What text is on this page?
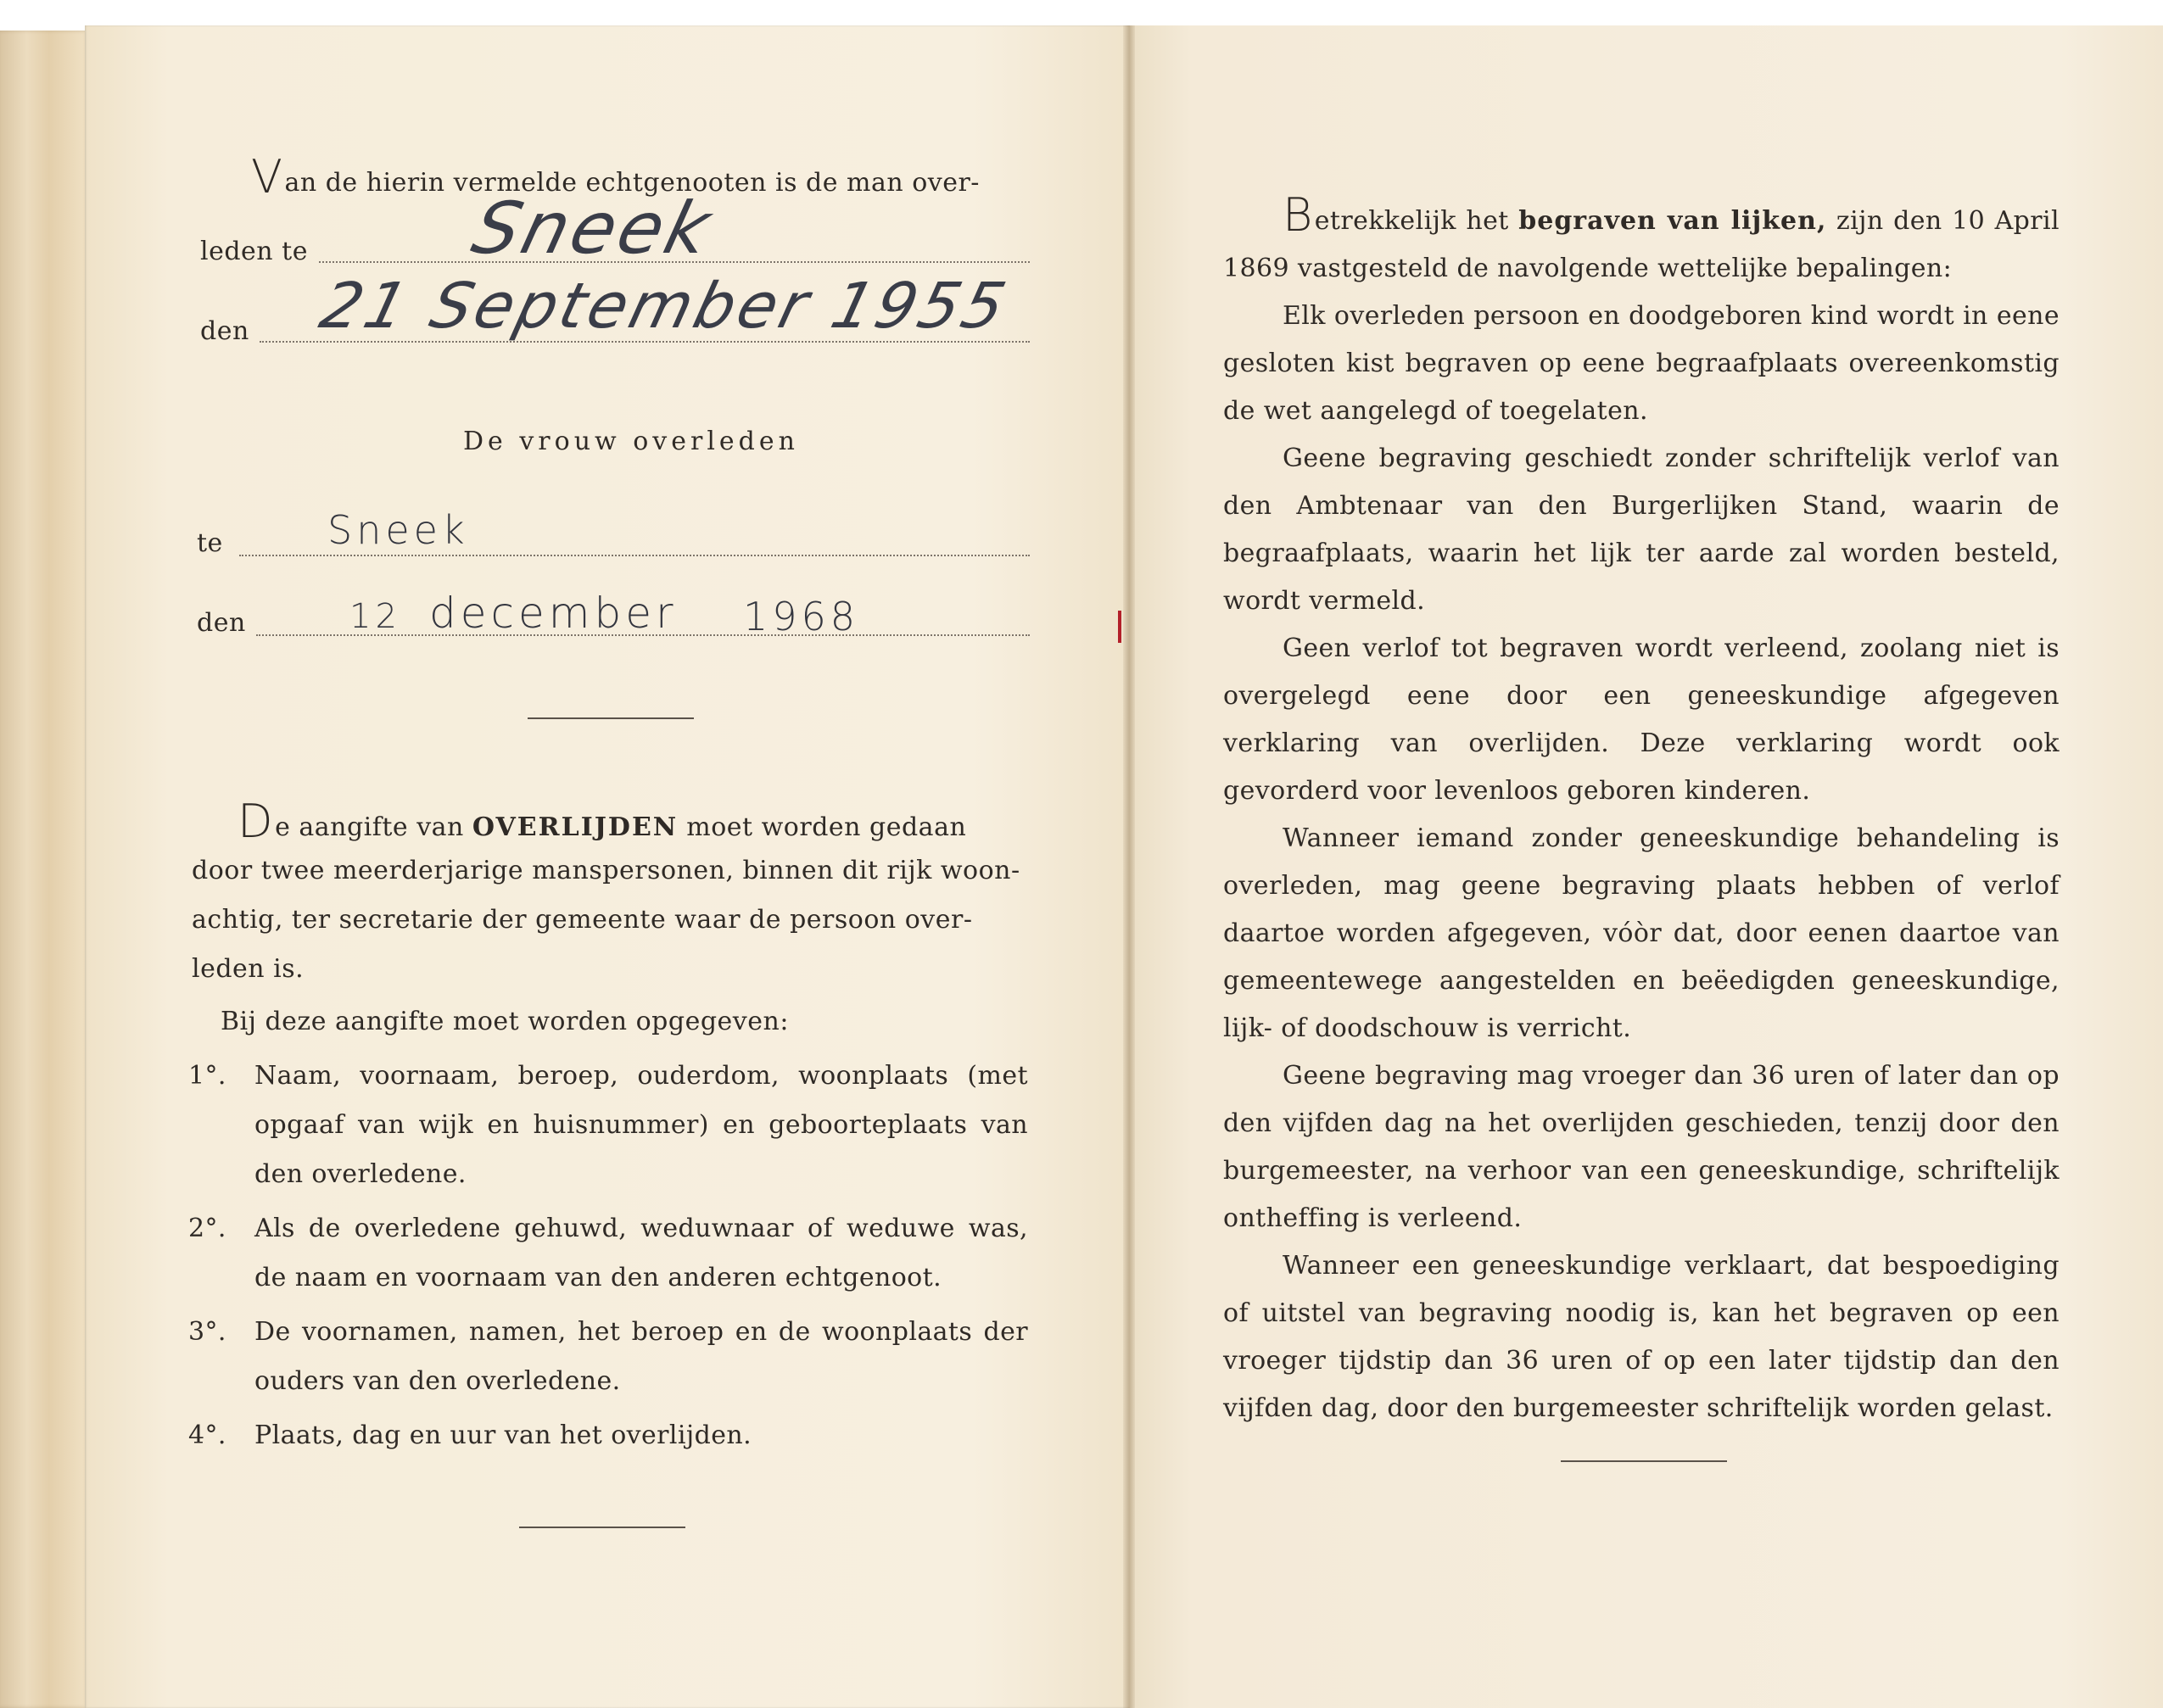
Van de hierin vermelde echtgenooten is de man over-
leden te Sneek
den 21 September 1955
De vrouw overleden
te	Sneek
den	12 december 1968
De aangifte van OVERLIJDEN moet worden gedaan
door twee meerderjarige manspersonen, binnen dit rijk woon-
achtig, ter secretarie der gemeente waar de persoon over-
leden is.
Bij deze aangifte moet worden opgegeven:
1°. Naam, voornaam, beroep, ouderdom, woonplaats (met opgaaf van wijk en huisnummer) en geboorteplaats van den overledene.
2°. Als de overledene gehuwd, weduwnaar of weduwe was, de naam en voornaam van den anderen echtgenoot.
3°. De voornamen, namen, het beroep en de woonplaats der ouders van den overledene.
4°. Plaats, dag en uur van het overlijden.

Betrekkelijk het begraven van lijken, zijn den 10 April 1869 vastgesteld de navolgende wettelijke bepalingen:

Elk overleden persoon en doodgeboren kind wordt in eene gesloten kist begraven op eene begraafplaats overeenkomstig de wet aangelegd of toegelaten.

Geene begraving geschiedt zonder schriftelijk verlof van den Ambtenaar van den Burgerlijken Stand, waarin de begraafplaats, waarin het lijk ter aarde zal worden besteld, wordt vermeld.

Geen verlof tot begraven wordt verleend, zoolang niet is overgelegd eene door een geneeskundige afgegeven verklaring van overlijden. Deze verklaring wordt ook gevorderd voor levenloos geboren kinderen.

Wanneer iemand zonder geneeskundige behandeling is overleden, mag geene begraving plaats hebben of verlof daartoe worden afgegeven, vóòr dat, door eenen daartoe van gemeentewege aangestelden en beëedigden geneeskundige, lijk- of doodschouw is verricht.

Geene begraving mag vroeger dan 36 uren of later dan op den vijfden dag na het overlijden geschieden, tenzij door den burgemeester, na verhoor van een geneeskundige, schriftelijk ontheffing is verleend.

Wanneer een geneeskundige verklaart, dat bespoediging of uitstel van begraving noodig is, kan het begraven op een vroeger tijdstip dan 36 uren of op een later tijdstip dan den vijfden dag, door den burgemeester schriftelijk worden gelast.
